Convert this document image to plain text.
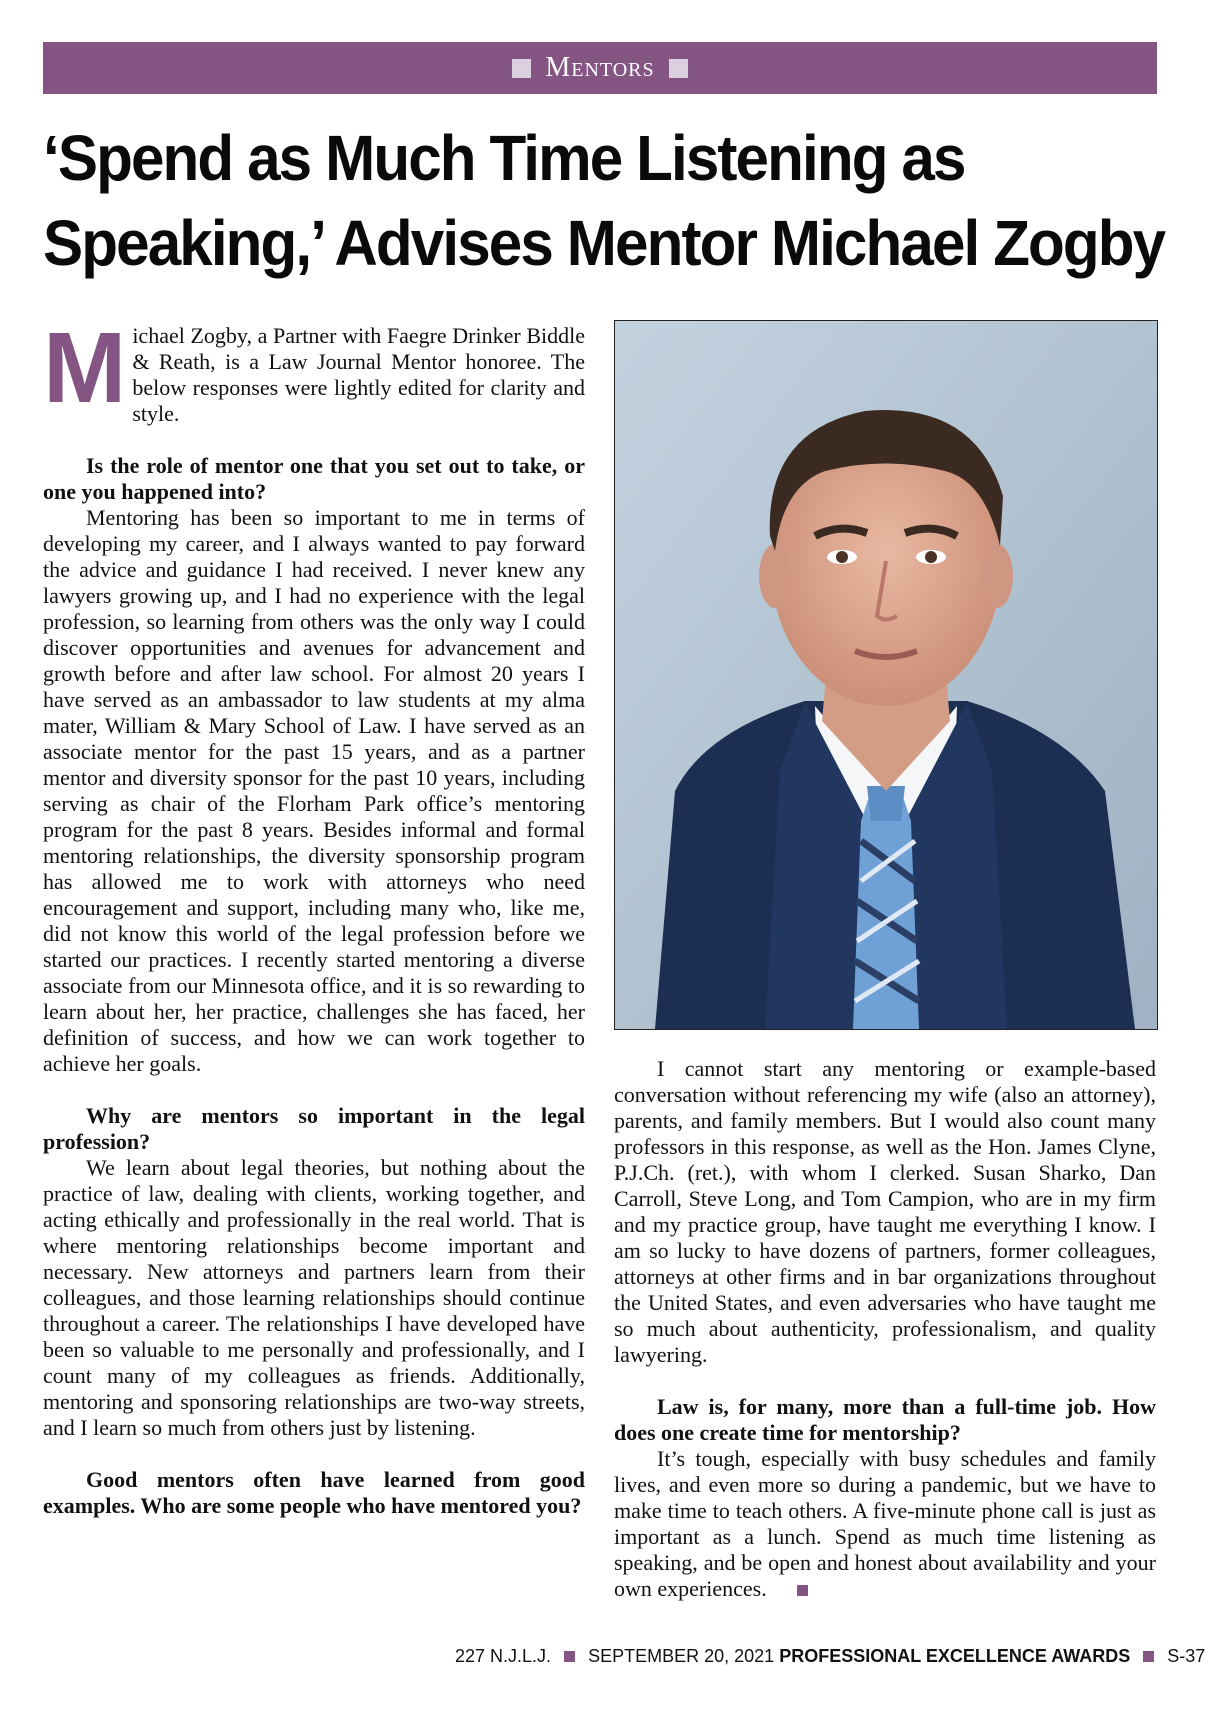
Mentors
‘Spend as Much Time Listening as
Speaking,’ Advises Mentor Michael Zogby

Michael Zogby, a Partner with Faegre Drinker Biddle & Reath, is a Law Journal Mentor honoree. The below responses were lightly edited for clarity and style.

Is the role of mentor one that you set out to take, or one you happened into?

Mentoring has been so important to me in terms of developing my career, and I always wanted to pay forward the advice and guidance I had received. I never knew any lawyers growing up, and I had no experience with the legal profession, so learning from others was the only way I could discover opportunities and avenues for advancement and growth before and after law school. For almost 20 years I have served as an ambassador to law students at my alma mater, William & Mary School of Law. I have served as an associate mentor for the past 15 years, and as a partner mentor and diversity sponsor for the past 10 years, including serving as chair of the Florham Park office’s mentoring program for the past 8 years. Besides informal and formal mentoring relationships, the diversity sponsorship program has allowed me to work with attorneys who need encouragement and support, including many who, like me, did not know this world of the legal profession before we started our practices. I recently started mentoring a diverse associate from our Minnesota office, and it is so rewarding to learn about her, her practice, challenges she has faced, her definition of success, and how we can work together to achieve her goals.

Why are mentors so important in the legal profession?

We learn about legal theories, but nothing about the practice of law, dealing with clients, working together, and acting ethically and professionally in the real world. That is where mentoring relationships become important and necessary. New attorneys and partners learn from their colleagues, and those learning relationships should continue throughout a career. The relationships I have developed have been so valuable to me personally and professionally, and I count many of my colleagues as friends. Additionally, mentoring and sponsoring relationships are two-way streets, and I learn so much from others just by listening.

Good mentors often have learned from good examples. Who are some people who have mentored you?

I cannot start any mentoring or example-based conversation without referencing my wife (also an attorney), parents, and family members. But I would also count many professors in this response, as well as the Hon. James Clyne, P.J.Ch. (ret.), with whom I clerked. Susan Sharko, Dan Carroll, Steve Long, and Tom Campion, who are in my firm and my practice group, have taught me everything I know. I am so lucky to have dozens of partners, former colleagues, attorneys at other firms and in bar organizations throughout the United States, and even adversaries who have taught me so much about authenticity, professionalism, and quality lawyering.

Law is, for many, more than a full-time job. How does one create time for mentorship?

It’s tough, especially with busy schedules and family lives, and even more so during a pandemic, but we have to make time to teach others. A five-minute phone call is just as important as a lunch. Spend as much time listening as speaking, and be open and honest about availability and your own experiences.

227 N.J.L.J. SEPTEMBER 20, 2021 PROFESSIONAL EXCELLENCE AWARDS S-37
